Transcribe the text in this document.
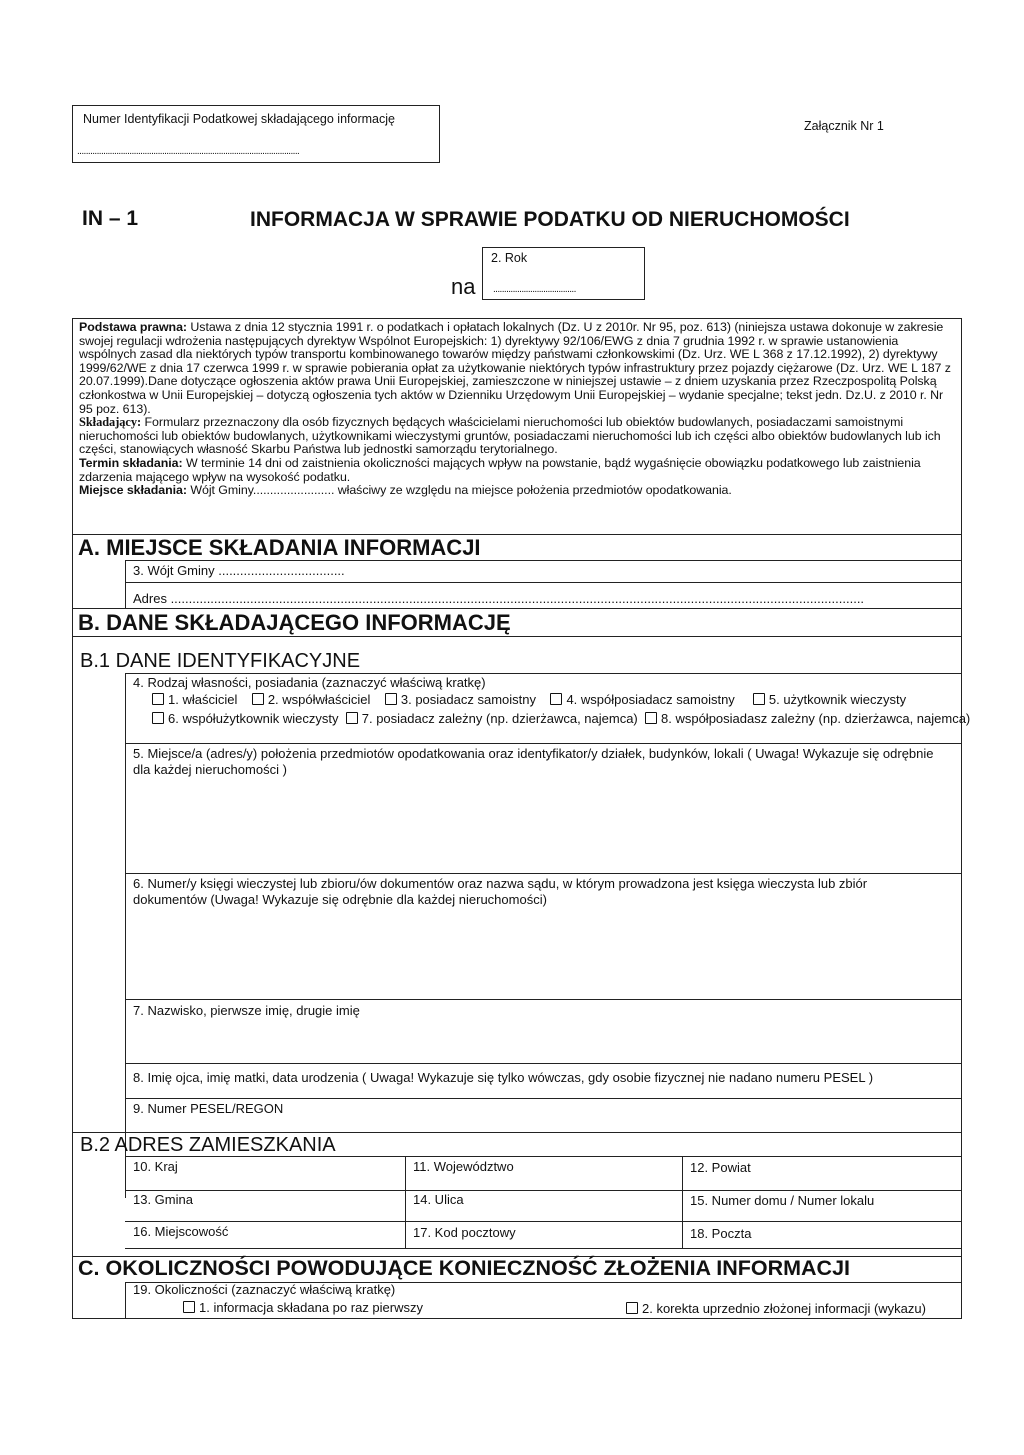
Numer Identyfikacji Podatkowej składającego informację
......................................................................................................
Załącznik Nr 1
IN – 1	INFORMACJA W SPRAWIE PODATKU OD NIERUCHOMOŚCI
na
2. Rok
......................................

Podstawa prawna: Ustawa z dnia 12 stycznia 1991 r. o podatkach i opłatach lokalnych (Dz. U z 2010r. Nr 95, poz. 613) (niniejsza ustawa dokonuje w zakresie swojej regulacji wdrożenia następujących dyrektyw Wspólnot Europejskich: 1) dyrektywy 92/106/EWG z dnia 7 grudnia 1992 r. w sprawie ustanowienia wspólnych zasad dla niektórych typów transportu kombinowanego towarów między państwami członkowskimi (Dz. Urz. WE L 368 z 17.12.1992), 2) dyrektywy 1999/62/WE z dnia 17 czerwca 1999 r. w sprawie pobierania opłat za użytkowanie niektórych typów infrastruktury przez pojazdy ciężarowe (Dz. Urz. WE L 187 z 20.07.1999).Dane dotyczące ogłoszenia aktów prawa Unii Europejskiej, zamieszczone w niniejszej ustawie – z dniem uzyskania przez Rzeczpospolitą Polską członkostwa w Unii Europejskiej – dotyczą ogłoszenia tych aktów w Dzienniku Urzędowym Unii Europejskiej – wydanie specjalne; tekst jedn. Dz.U. z 2010 r. Nr 95 poz. 613).

Składający: Formularz przeznaczony dla osób fizycznych będących właścicielami nieruchomości lub obiektów budowlanych, posiadaczami samoistnymi nieruchomości lub obiektów budowlanych, użytkownikami wieczystymi gruntów, posiadaczami nieruchomości lub ich części albo obiektów budowlanych lub ich części, stanowiących własność Skarbu Państwa lub jednostki samorządu terytorialnego.

Termin składania: W terminie 14 dni od zaistnienia okoliczności mających wpływ na powstanie, bądź wygaśnięcie obowiązku podatkowego lub zaistnienia zdarzenia mającego wpływ na wysokość podatku.

Miejsce składania: Wójt Gminy........................ właściwy ze względu na miejsce położenia przedmiotów opodatkowania.

A. MIEJSCE SKŁADANIA INFORMACJI
3. Wójt Gminy ...................................
Adres ................................................................................................................................................................................................
B. DANE SKŁADAJĄCEGO INFORMACJĘ
B.1 DANE IDENTYFIKACYJNE
4. Rodzaj własności, posiadania (zaznaczyć właściwą kratkę)
1. właściciel 2. współwłaściciel 3. posiadacz samoistny 4. współposiadacz samoistny	5. użytkownik wieczysty
6. współużytkownik wieczysty 7. posiadacz zależny (np. dzierżawca, najemca) 8. współposiadasz zależny (np. dzierżawca, najemca)
5. Miejsce/a (adres/y) położenia przedmiotów opodatkowania oraz identyfikator/y działek, budynków, lokali ( Uwaga! Wykazuje się odrębnie dla każdej nieruchomości )
6. Numer/y księgi wieczystej lub zbioru/ów dokumentów oraz nazwa sądu, w którym prowadzona jest księga wieczysta lub zbiór dokumentów (Uwaga! Wykazuje się odrębnie dla każdej nieruchomości)
7. Nazwisko, pierwsze imię, drugie imię
8. Imię ojca, imię matki, data urodzenia ( Uwaga! Wykazuje się tylko wówczas, gdy osobie fizycznej nie nadano numeru PESEL )
9. Numer PESEL/REGON
B.2 ADRES ZAMIESZKANIA
10. Kraj	11. Województwo	12. Powiat
13. Gmina	14. Ulica	15. Numer domu / Numer lokalu
16. Miejscowość	17. Kod pocztowy	18. Poczta
C. OKOLICZNOŚCI POWODUJĄCE KONIECZNOŚĆ ZŁOŻENIA INFORMACJI
19. Okoliczności (zaznaczyć właściwą kratkę)
1. informacja składana po raz pierwszy	2. korekta uprzednio złożonej informacji (wykazu)
